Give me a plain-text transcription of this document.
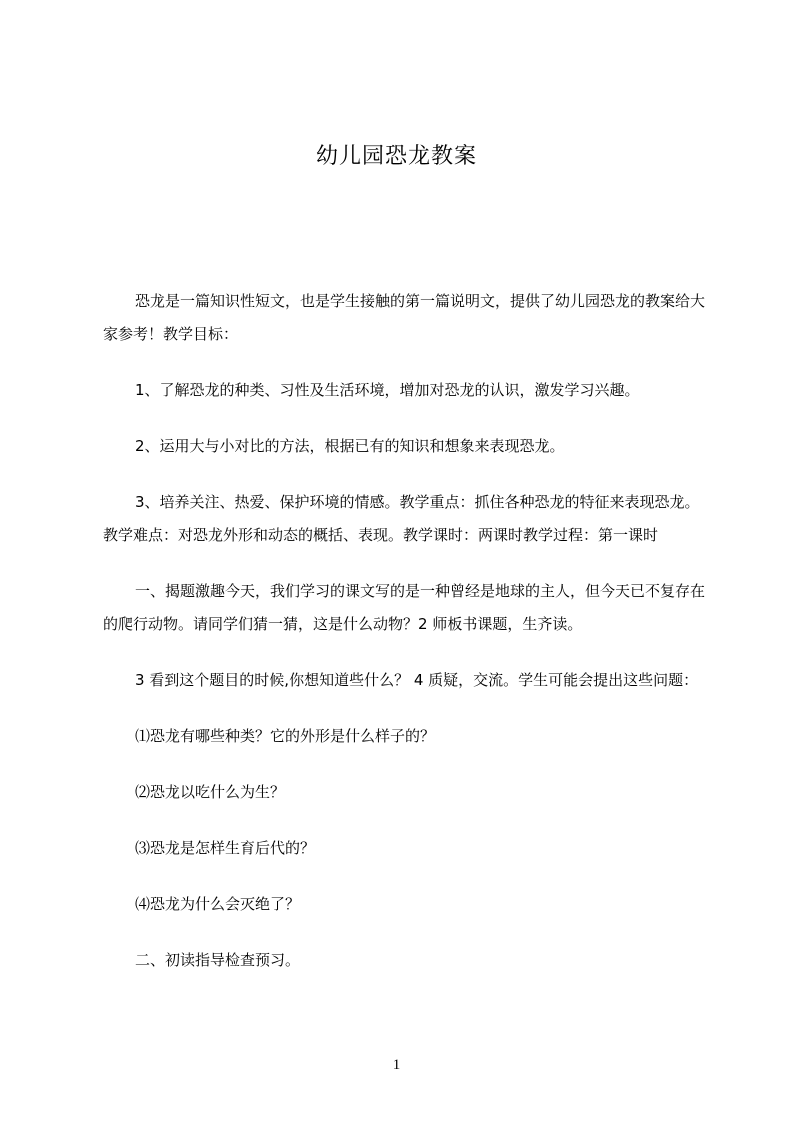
幼儿园恐龙教案

恐龙是一篇知识性短文，也是学生接触的第一篇说明文，提供了幼儿园恐龙的教案给大家参考！教学目标：

1、了解恐龙的种类、习性及生活环境，增加对恐龙的认识，激发学习兴趣。

2、运用大与小对比的方法，根据已有的知识和想象来表现恐龙。

3、培养关注、热爱、保护环境的情感。教学重点：抓住各种恐龙的特征来表现恐龙。教学难点：对恐龙外形和动态的概括、表现。教学课时：两课时教学过程：第一课时

一、揭题激趣今天，我们学习的课文写的是一种曾经是地球的主人，但今天已不复存在的爬行动物。请同学们猜一猜，这是什么动物？2 师板书课题，生齐读。

3 看到这个题目的时候,你想知道些什么？ 4 质疑，交流。学生可能会提出这些问题：

⑴恐龙有哪些种类？它的外形是什么样子的？

⑵恐龙以吃什么为生？

⑶恐龙是怎样生育后代的？

⑷恐龙为什么会灭绝了？

二、初读指导检查预习。

1
